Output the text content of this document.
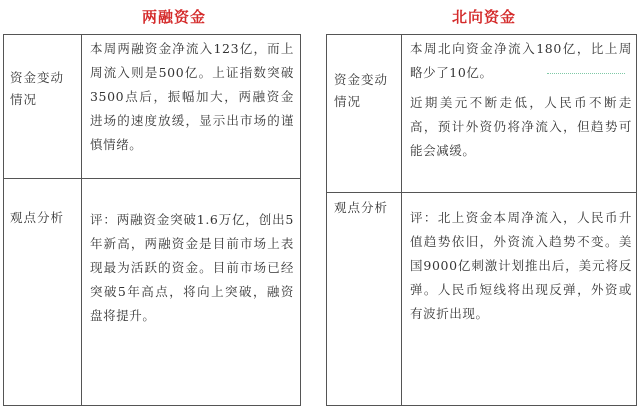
两融资金
资金变动
情况
本周两融资金净流入123亿，而上周流入则是500亿。上证指数突破3500点后，振幅加大，两融资金进场的速度放缓，显示出市场的谨慎情绪。
观点分析	评：两融资金突破1.6万亿，创出5年新高，两融资金是目前市场上表现最为活跃的资金。目前市场已经突破5年高点，将向上突破，融资盘将提升。
北向资金
资金变动
情况

本周北向资金净流入180亿，比上周略少了10亿。

近期美元不断走低，人民币不断走高，预计外资仍将净流入，但趋势可能会减缓。

观点分析
评：北上资金本周净流入，人民币升值趋势依旧，外资流入趋势不变。美国9000亿刺激计划推出后，美元将反弹。人民币短线将出现反弹，外资或有波折出现。
